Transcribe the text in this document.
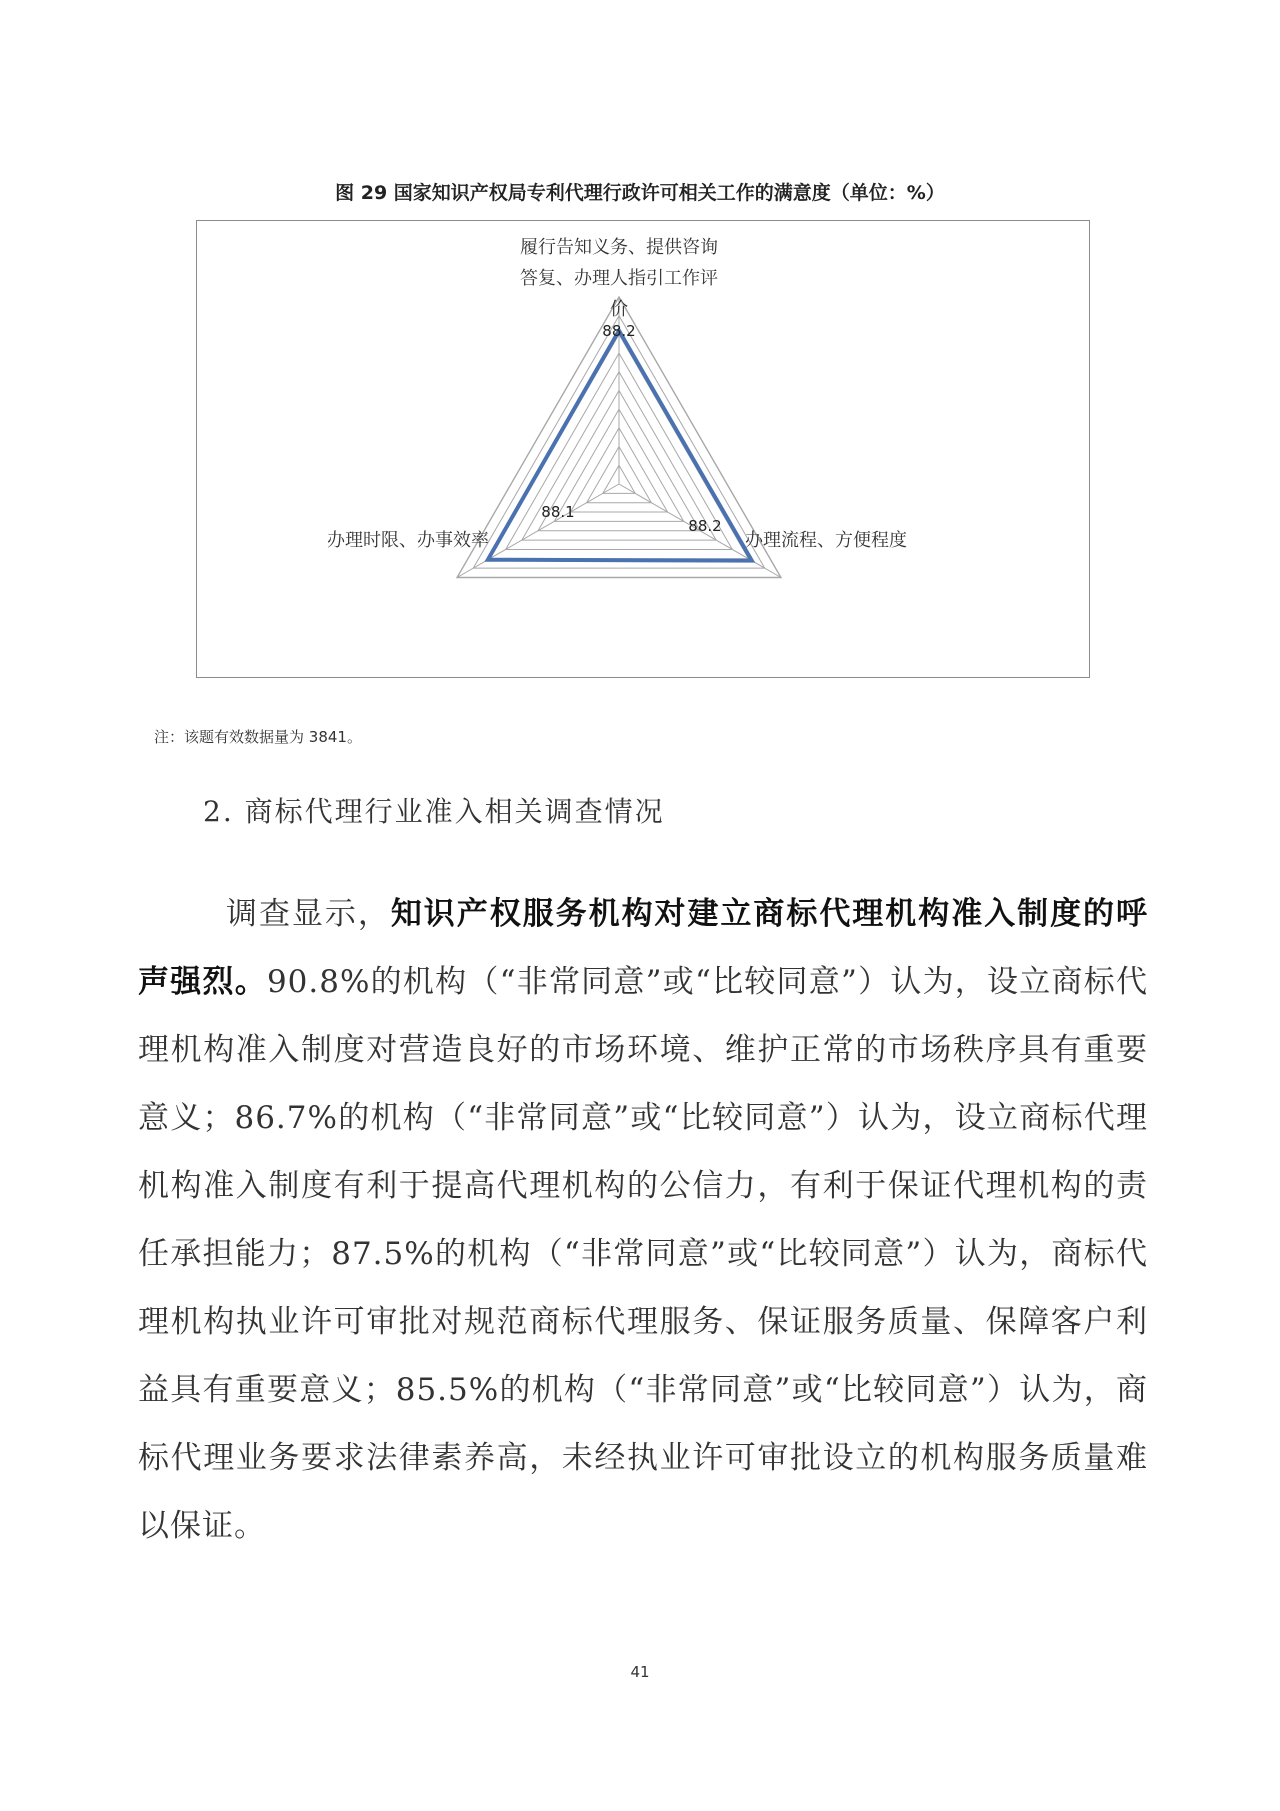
图 29 国家知识产权局专利代理行政许可相关工作的满意度（单位：%）
履行告知义务、提供咨询答复、办理人指引工作评价
办理流程、方便程度
办理时限、办事效率
88.2
88.2
88.1
注：该题有效数据量为 3841。
2. 商标代理行业准入相关调查情况
调查显示，知识产权服务机构对建立商标代理机构准入制度的呼声强烈。90.8%的机构（“非常同意”或“比较同意”）认为，设立商标代理机构准入制度对营造良好的市场环境、维护正常的市场秩序具有重要意义；86.7%的机构（“非常同意”或“比较同意”）认为，设立商标代理机构准入制度有利于提高代理机构的公信力，有利于保证代理机构的责任承担能力；87.5%的机构（“非常同意”或“比较同意”）认为，商标代理机构执业许可审批对规范商标代理服务、保证服务质量、保障客户利益具有重要意义；85.5%的机构（“非常同意”或“比较同意”）认为，商标代理业务要求法律素养高，未经执业许可审批设立的机构服务质量难以保证。
41
